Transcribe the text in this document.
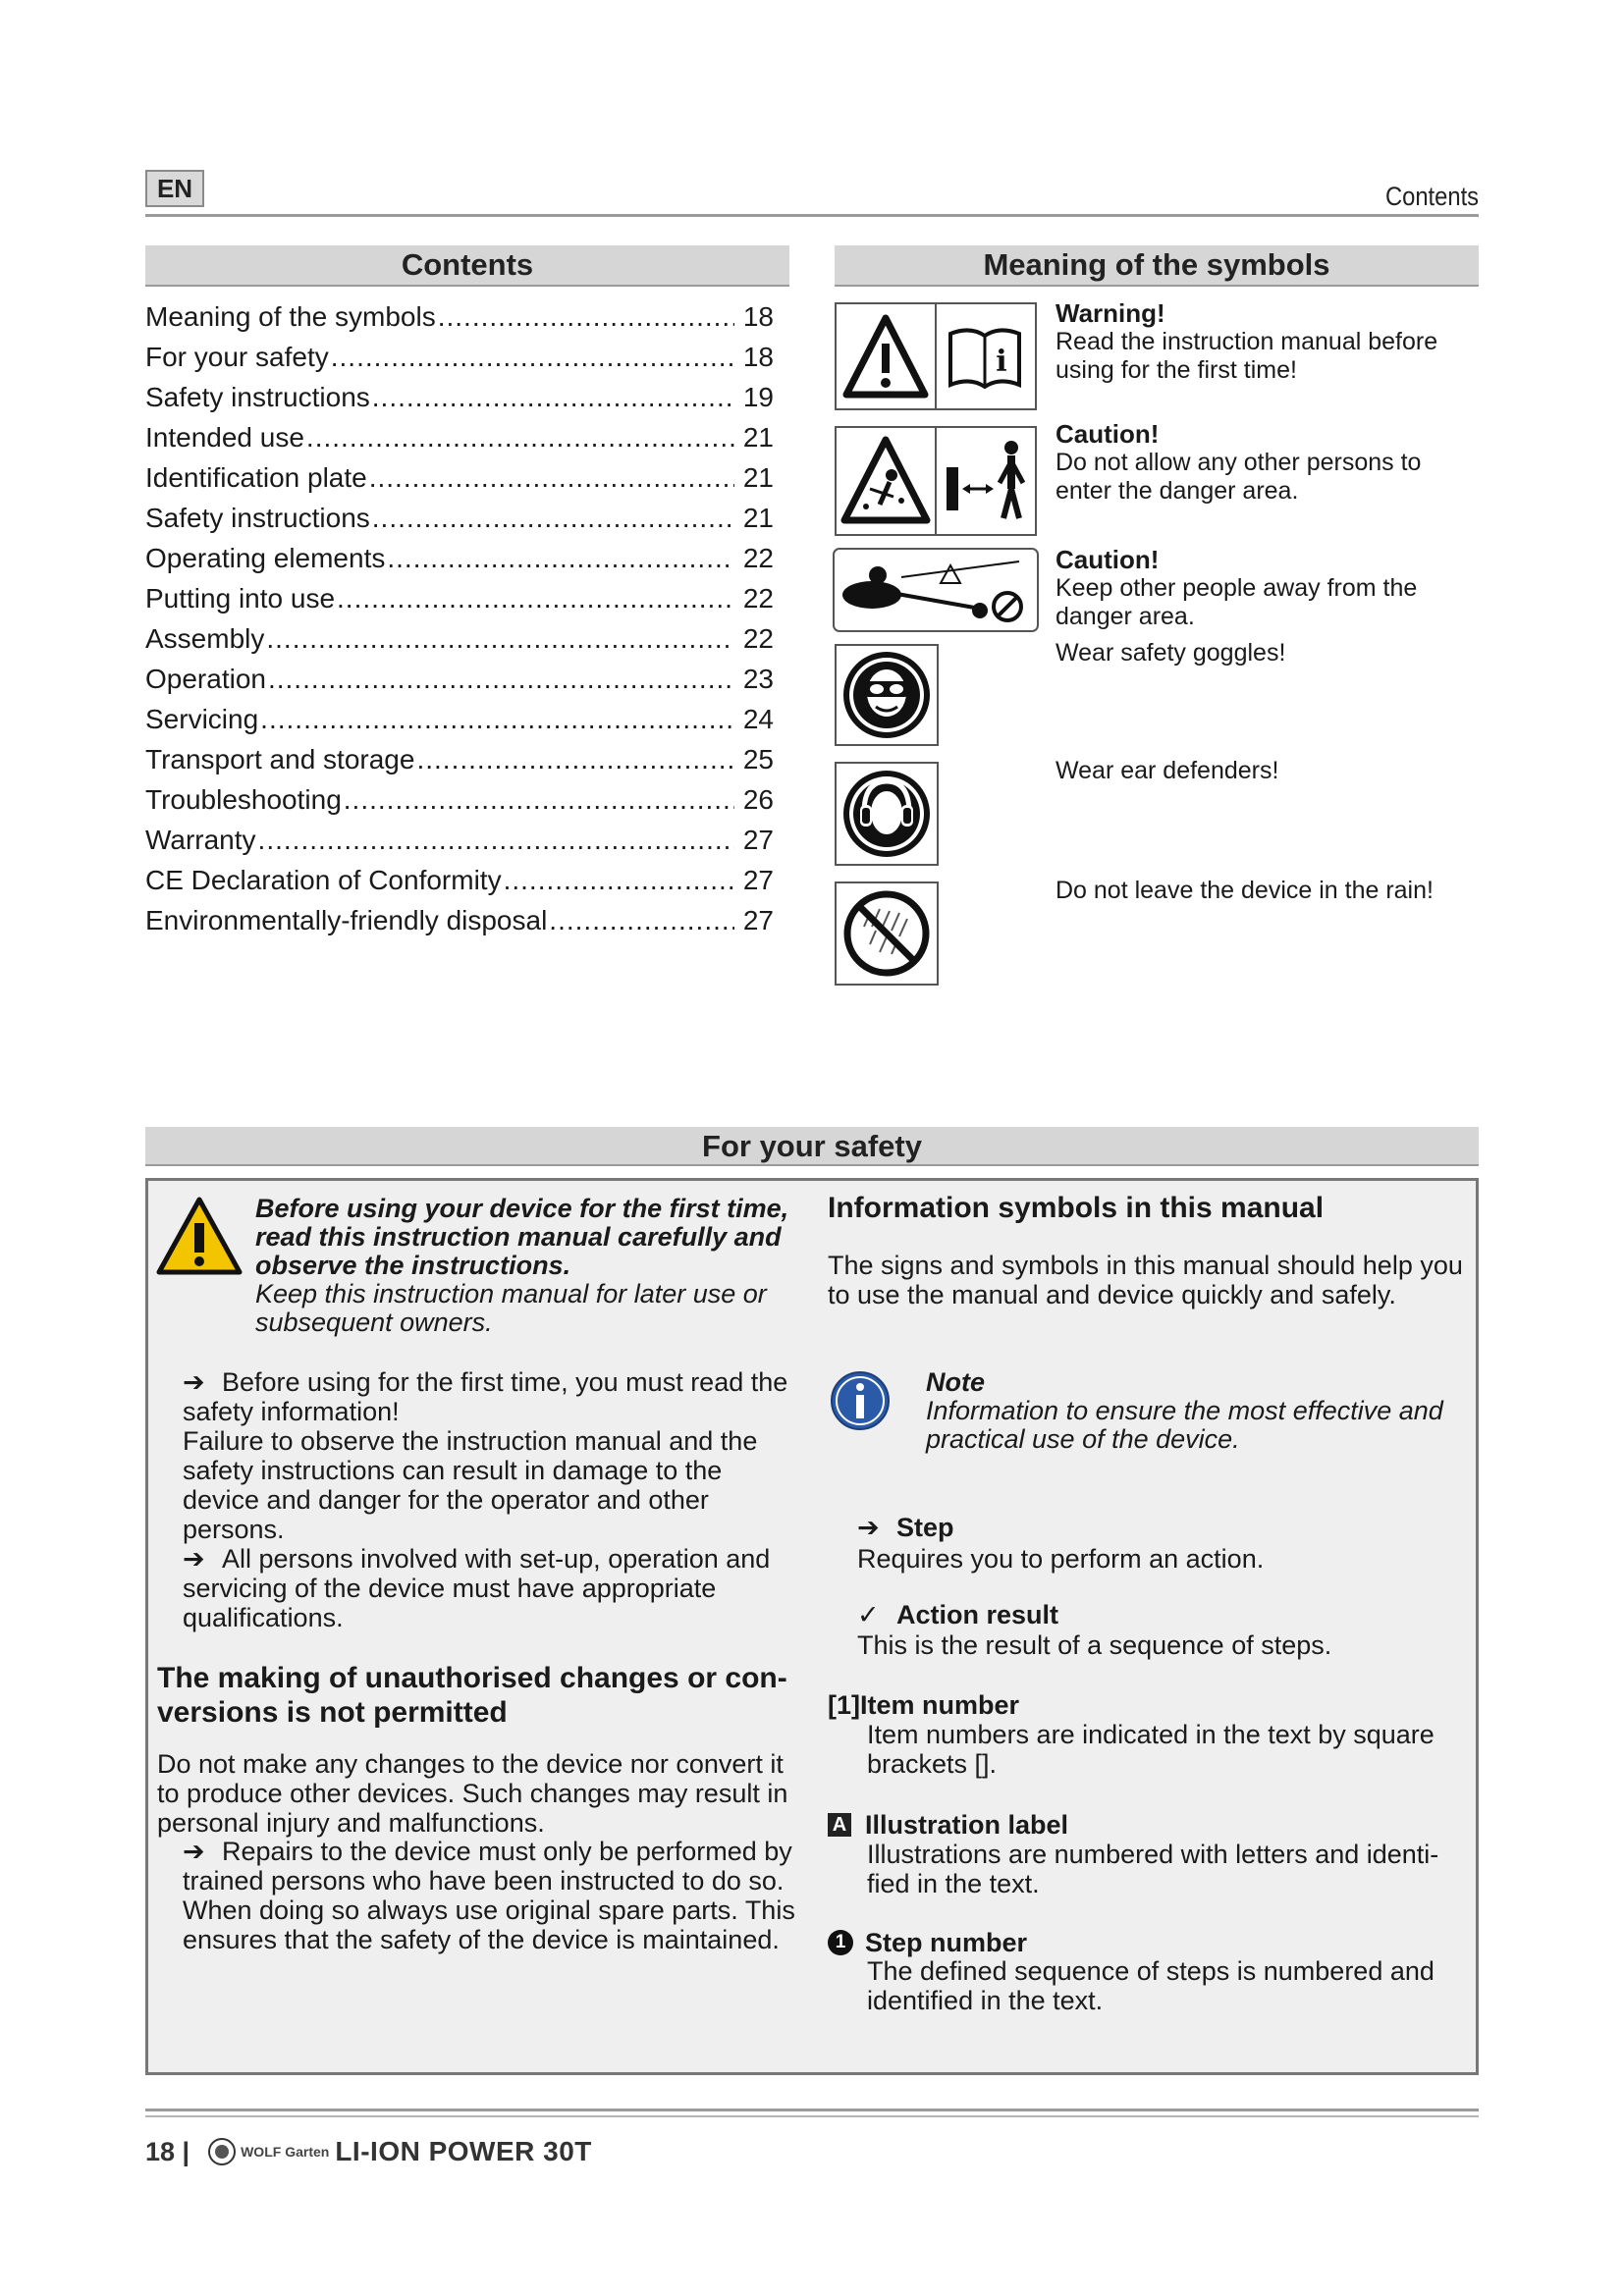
EN	Contents
Contents
Meaning of the symbols .....	18
For your safety .....	18
Safety instructions .....	19
Intended use .....	21
Identification plate .....	21
Safety instructions .....	21
Operating elements .....	22
Putting into use .....	22
Assembly .....	22
Operation .....	23
Servicing .....	24
Transport and storage .....	25
Troubleshooting .....	26
Warranty .....	27
CE Declaration of Conformity .....	27
Environmentally-friendly disposal .....	27
Meaning of the symbols
i
Warning!
Read the instruction manual before using for the first time!
Caution!
Do not allow any other persons to enter the danger area.
Caution!
Keep other people away from the danger area.
Wear safety goggles!
Wear ear defenders!
Do not leave the device in the rain!
For your safety
Before using your device for the first time, read this instruction manual carefully and observe the instructions.
Keep this instruction manual for later use or subsequent owners.
➔ Before using for the first time, you must read the safety information!
Failure to observe the instruction manual and the safety instructions can result in damage to the device and danger for the operator and other persons.
➔ All persons involved with set-up, operation and servicing of the device must have appropriate qualifications.
The making of unauthorised changes or con-versions is not permitted
Do not make any changes to the device nor convert it to produce other devices. Such changes may result in personal injury and malfunctions.
➔ Repairs to the device must only be performed by trained persons who have been instructed to do so. When doing so always use original spare parts. This ensures that the safety of the device is maintained.
Information symbols in this manual
The signs and symbols in this manual should help you to use the manual and device quickly and safely.
Note
Information to ensure the most effective and practical use of the device.
➔ Step
Requires you to perform an action.
✓ Action result
This is the result of a sequence of steps.
[1]Item number
Item numbers are indicated in the text by square brackets [].
A Illustration label
Illustrations are numbered with letters and identi-fied in the text.
1 Step number
The defined sequence of steps is numbered and identified in the text.
18 |	WOLF Garten LI-ION POWER 30T
